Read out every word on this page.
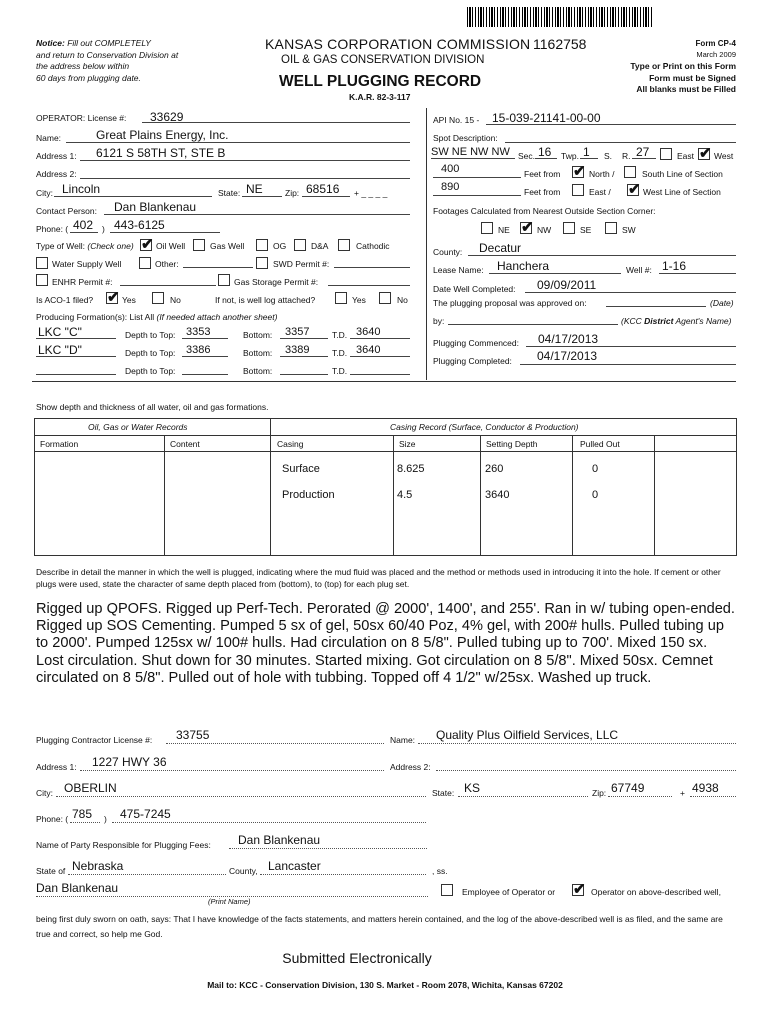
Notice: Fill out COMPLETELY
and return to Conservation Division at
the address below within
60 days from plugging date.
KANSAS CORPORATION COMMISSION
OIL & GAS CONSERVATION DIVISION
1162758
WELL PLUGGING RECORD
K.A.R. 82-3-117
Form CP-4
March 2009
Type or Print on this Form
Form must be Signed
All blanks must be Filled
OPERATOR: License #: 33629
Name:	Great Plains Energy, Inc.
Address 1: 6121 S 58TH ST, STE B
Address 2:
City: Lincoln	State: NE	Zip: 68516 + _ _ _ _
Contact Person: Dan Blankenau
Phone: ( 402 ) 443-6125
Type of Well: (Check one) ✔ Oil Well	Gas Well	OG	D&A	Cathodic
Water Supply Well	Other:	SWD Permit #:
ENHR Permit #:	Gas Storage Permit #:
Is ACO-1 filed? ✔ Yes	No	If not, is well log attached?	Yes	No
Producing Formation(s): List All (If needed attach another sheet)
LKC "C"	Depth to Top: 3353	Bottom: 3357	T.D. 3640
LKC "D"	Depth to Top: 3386	Bottom: 3389	T.D. 3640
Depth to Top:	Bottom:	T.D.
API No. 15 - 15-039-21141-00-00
Spot Description:
SW NE NW NW Sec. 16 Twp. 1 S. R. 27	East ✔ West
400	Feet from ✔ North /	South Line of Section
890	Feet from	East / ✔ West Line of Section
Footages Calculated from Nearest Outside Section Corner:
NE ✔ NW	SE	SW
County: Decatur
Lease Name: Hanchera	Well #: 1-16
Date Well Completed: 09/09/2011
The plugging proposal was approved on:	(Date)
by:	(KCC District Agent's Name)
Plugging Commenced: 04/17/2013
Plugging Completed: 04/17/2013
Show depth and thickness of all water, oil and gas formations.
Oil, Gas or Water Records	Casing Record (Surface, Conductor & Production)
Formation	Content	Casing	Size	Setting Depth	Pulled Out
Surface	8.625	260	0
Production	4.5	3640	0
Describe in detail the manner in which the well is plugged, indicating where the mud fluid was placed and the method or methods used in introducing it into the hole. If cement or other plugs were used, state the character of same depth placed from (bottom), to (top) for each plug set.
Rigged up QPOFS. Rigged up Perf-Tech. Perorated @ 2000', 1400', and 255'. Ran in w/ tubing open-ended. Rigged up SOS Cementing. Pumped 5 sx of gel, 50sx 60/40 Poz, 4% gel, with 200# hulls. Pulled tubing up to 2000'. Pumped 125sx w/ 100# hulls. Had circulation on 8 5/8". Pulled tubing up to 700'. Mixed 150 sx. Lost circulation. Shut down for 30 minutes. Started mixing. Got circulation on 8 5/8". Mixed 50sx. Cemnet circulated on 8 5/8". Pulled out of hole with tubbing. Topped off 4 1/2" w/25sx. Washed up truck.
Plugging Contractor License #: 33755	Name: Quality Plus Oilfield Services, LLC
Address 1: 1227 HWY 36	Address 2:
City: OBERLIN	State: KS	Zip: 67749	+ 4938
Phone: ( 785 ) 475-7245
Name of Party Responsible for Plugging Fees: Dan Blankenau
State of Nebraska	County, Lancaster	, ss.
Dan Blankenau
(Print Name)
Employee of Operator or ✔ Operator on above-described well,
being first duly sworn on oath, says: That I have knowledge of the facts statements, and matters herein contained, and the log of the above-described well is as filed, and the same are true and correct, so help me God.
Submitted Electronically
Mail to: KCC - Conservation Division, 130 S. Market - Room 2078, Wichita, Kansas 67202
